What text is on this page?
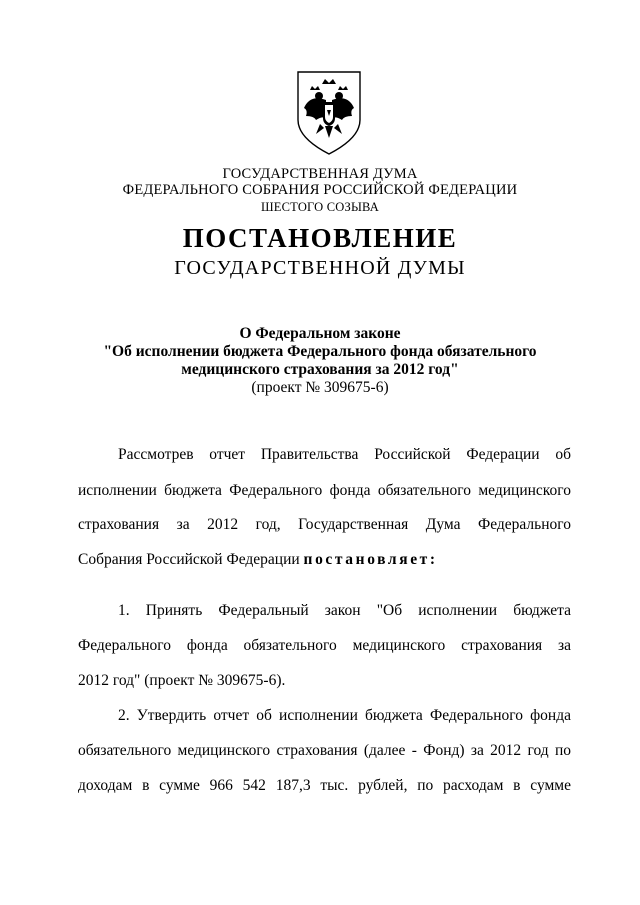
ГОСУДАРСТВЕННАЯ ДУМА
ФЕДЕРАЛЬНОГО СОБРАНИЯ РОССИЙСКОЙ ФЕДЕРАЦИИ
ШЕСТОГО СОЗЫВА
ПОСТАНОВЛЕНИЕ
ГОСУДАРСТВЕННОЙ ДУМЫ
О Федеральном законе
"Об исполнении бюджета Федерального фонда обязательного
медицинского страхования за 2012 год"
(проект № 309675-6)
Рассмотрев отчет Правительства Российской Федерации об
исполнении бюджета Федерального фонда обязательного медицинского
страхования за 2012 год, Государственная Дума Федерального
Собрания Российской Федерации постановляет:
1. Принять Федеральный закон "Об исполнении бюджета
Федерального фонда обязательного медицинского страхования за
2012 год" (проект № 309675-6).
2. Утвердить отчет об исполнении бюджета Федерального фонда
обязательного медицинского страхования (далее - Фонд) за 2012 год по
доходам в сумме 966 542 187,3 тыс. рублей, по расходам в сумме
